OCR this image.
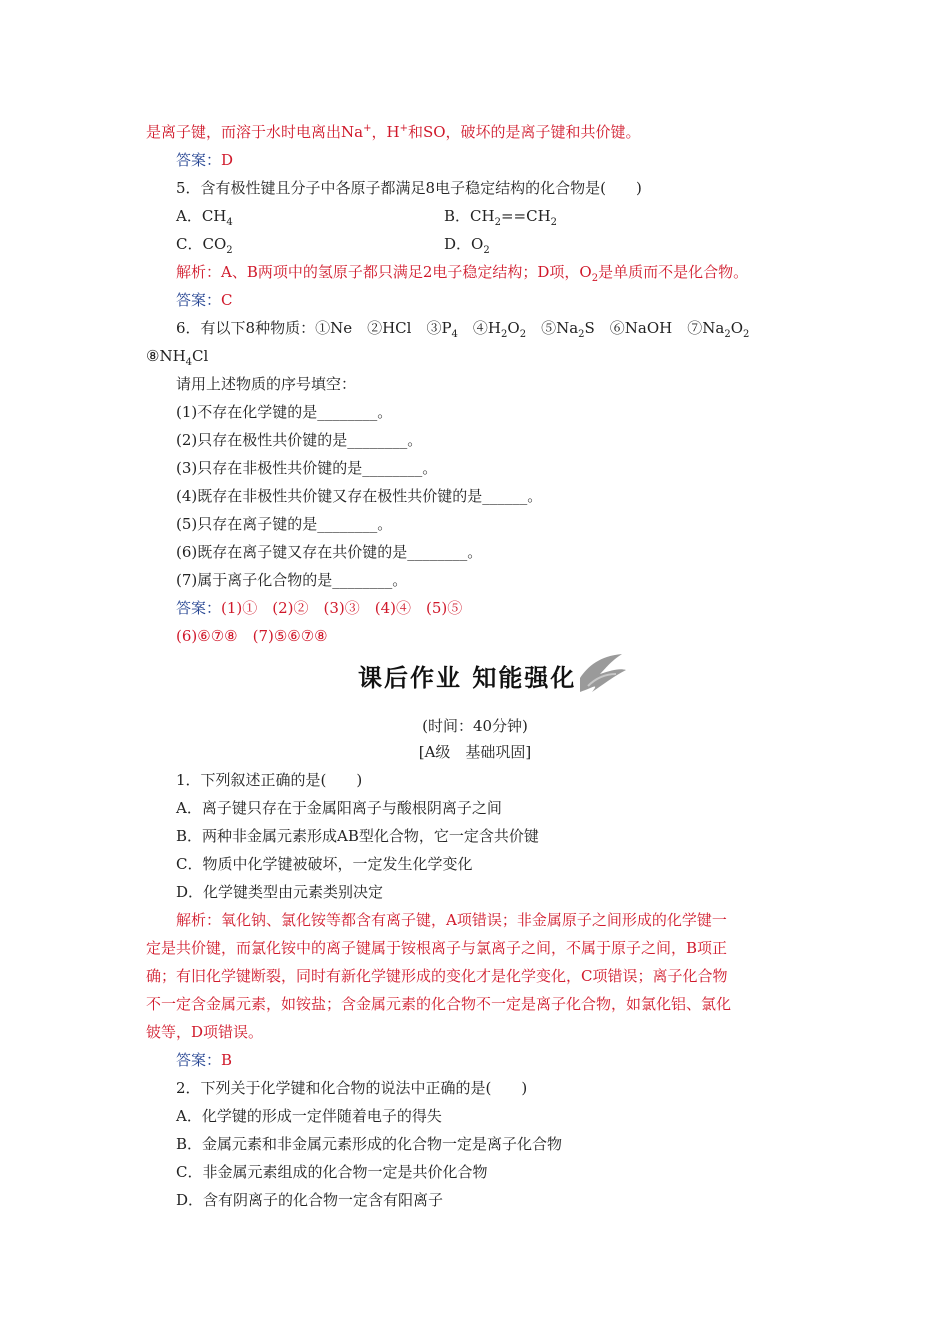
是离子键，而溶于水时电离出Na+，H+和SO，破坏的是离子键和共价键。
答案：D
5．含有极性键且分子中各原子都满足8电子稳定结构的化合物是(　　)
A．$CH_4$	B．$CH_2==CH_2$
C．$CO_2$	D．$O_2$
解析：A、B两项中的氢原子都只满足2电子稳定结构；D项，$O_2$是单质而不是化合物。
答案：C
6．有以下8种物质：①Ne　②HCl　$③P_4$　$④H_2O_2$　$⑤Na_2S$　⑥NaOH　$⑦Na_2O_2$
$⑧NH_4Cl$
请用上述物质的序号填空：
(1)不存在化学键的是________。
(2)只存在极性共价键的是________。
(3)只存在非极性共价键的是________。
(4)既存在非极性共价键又存在极性共价键的是______。
(5)只存在离子键的是________。
(6)既存在离子键又存在共价键的是________。
(7)属于离子化合物的是________。
答案：(1)①　(2)②　(3)③　(4)④　(5)⑤
(6)⑥⑦⑧　(7)⑤⑥⑦⑧
课后作业 知能强化
(时间：40分钟)
[A级　基础巩固]
1．下列叙述正确的是(　　)
A．离子键只存在于金属阳离子与酸根阴离子之间
B．两种非金属元素形成AB型化合物，它一定含共价键
C．物质中化学键被破坏，一定发生化学变化
D．化学键类型由元素类别决定
解析：氧化钠、氯化铵等都含有离子键，A项错误；非金属原子之间形成的化学键一
定是共价键，而氯化铵中的离子键属于铵根离子与氯离子之间，不属于原子之间，B项正
确；有旧化学键断裂，同时有新化学键形成的变化才是化学变化，C项错误；离子化合物
不一定含金属元素，如铵盐；含金属元素的化合物不一定是离子化合物，如氯化铝、氯化
铍等，D项错误。
答案：B
2．下列关于化学键和化合物的说法中正确的是(　　)
A．化学键的形成一定伴随着电子的得失
B．金属元素和非金属元素形成的化合物一定是离子化合物
C．非金属元素组成的化合物一定是共价化合物
D．含有阴离子的化合物一定含有阳离子
